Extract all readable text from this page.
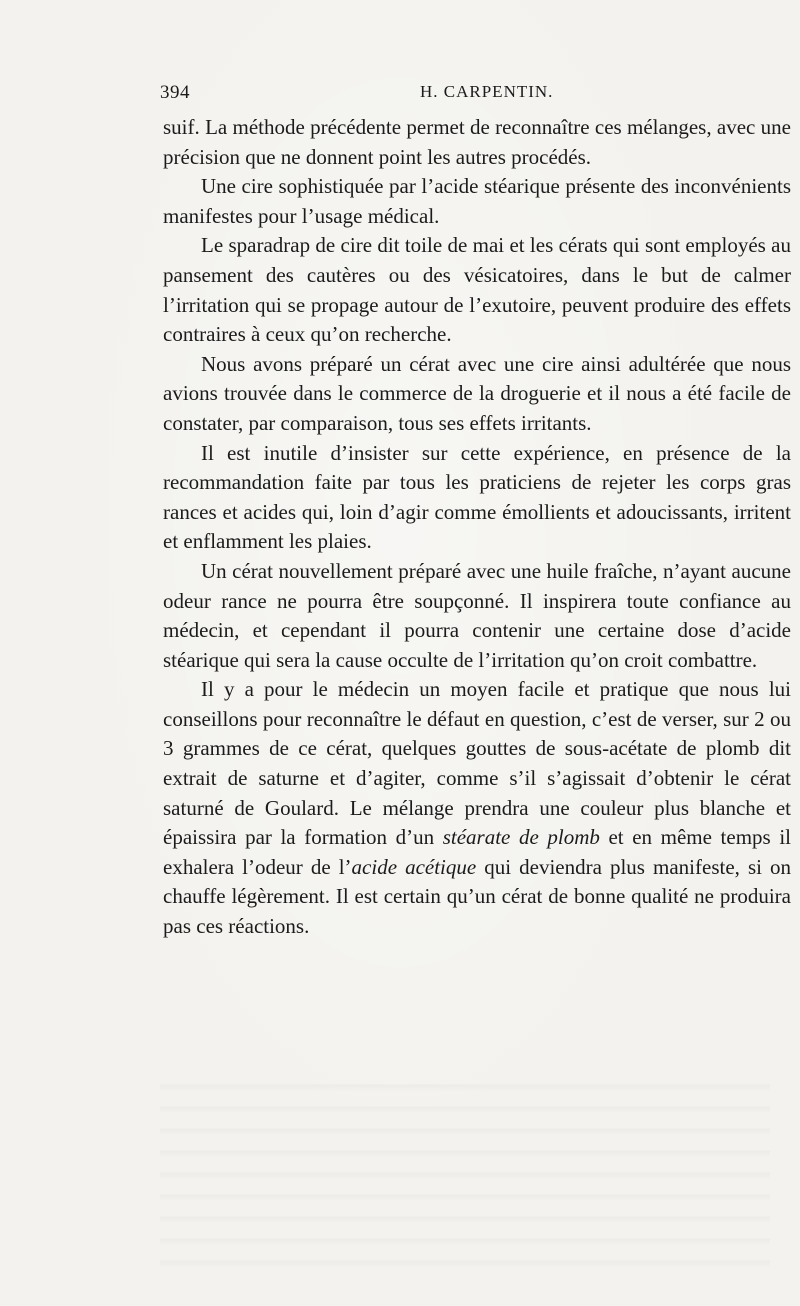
394	H. CARPENTIN.

suif. La méthode précédente permet de reconnaître ces mélanges, avec une précision que ne donnent point les autres procédés.

Une cire sophistiquée par l’acide stéarique présente des inconvénients manifestes pour l’usage médical.

Le sparadrap de cire dit toile de mai et les cérats qui sont employés au pansement des cautères ou des vésicatoires, dans le but de calmer l’irritation qui se propage autour de l’exutoire, peuvent produire des effets contraires à ceux qu’on recherche.

Nous avons préparé un cérat avec une cire ainsi adultérée que nous avions trouvée dans le commerce de la droguerie et il nous a été facile de constater, par comparaison, tous ses effets irritants.

Il est inutile d’insister sur cette expérience, en présence de la recommandation faite par tous les praticiens de rejeter les corps gras rances et acides qui, loin d’agir comme émollients et adoucissants, irritent et enflamment les plaies.

Un cérat nouvellement préparé avec une huile fraîche, n’ayant aucune odeur rance ne pourra être soupçonné. Il inspirera toute confiance au médecin, et cependant il pourra contenir une certaine dose d’acide stéarique qui sera la cause occulte de l’irritation qu’on croit combattre.

Il y a pour le médecin un moyen facile et pratique que nous lui conseillons pour reconnaître le défaut en question, c’est de verser, sur 2 ou 3 grammes de ce cérat, quelques gouttes de sous-acétate de plomb dit extrait de saturne et d’agiter, comme s’il s’agissait d’obtenir le cérat saturné de Goulard. Le mélange prendra une couleur plus blanche et épaissira par la formation d’un stéarate de plomb et en même temps il exhalera l’odeur de l’acide acétique qui deviendra plus manifeste, si on chauffe légèrement. Il est certain qu’un cérat de bonne qualité ne produira pas ces réactions.
